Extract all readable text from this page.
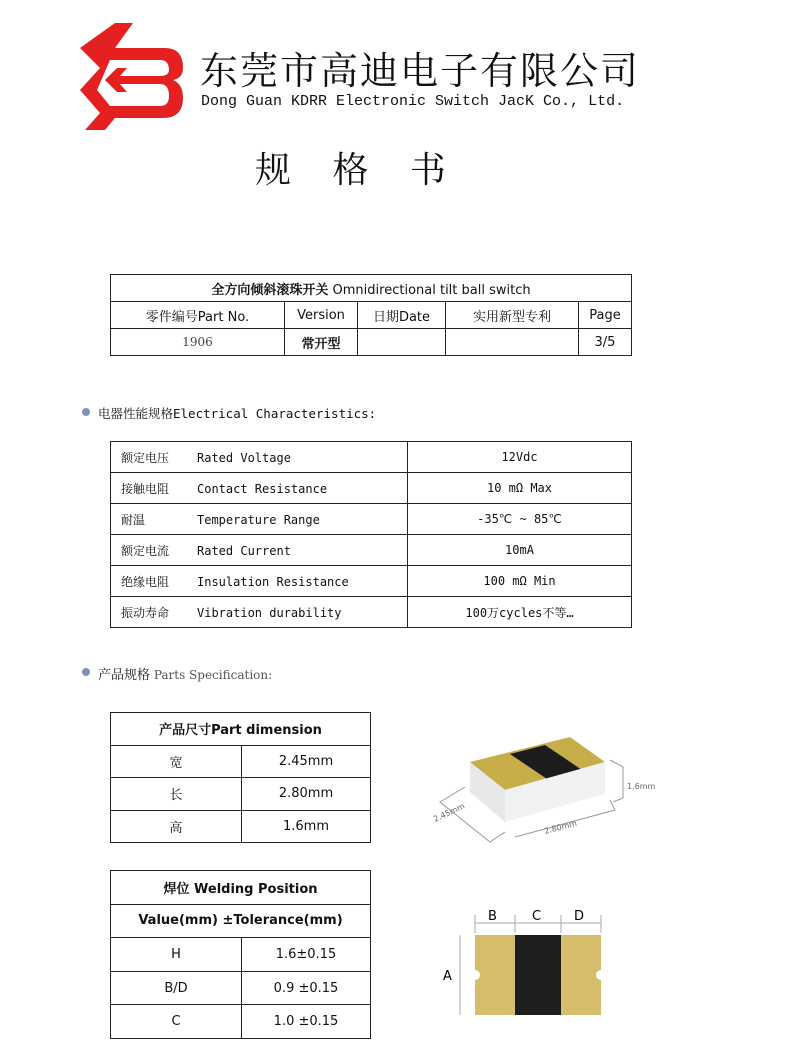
东莞市高迪电子有限公司
Dong Guan KDRR Electronic Switch JacK Co., Ltd.
规 格 书
全方向倾斜滚珠开关 Omnidirectional tilt ball switch				
零件编号Part No.	Version	日期Date	实用新型专利	Page
1906	常开型			3/5
电器性能规格Electrical Characteristics:
额定电压 Rated Voltage	12Vdc
接触电阻 Contact Resistance	10 mΩ Max
耐温 Temperature Range	-35℃ ~ 85℃
额定电流 Rated Current	10mA
绝缘电阻 Insulation Resistance	100 mΩ Min
振动寿命 Vibration durability	100万cycles不等…
产品规格 Parts Specification:
产品尺寸Part dimension	
宽	2.45mm
长	2.80mm
高	1.6mm
焊位 Welding Position	
Value(mm) ±Tolerance(mm)	
H	1.6±0.15
B/D	0.9 ±0.15
C	1.0 ±0.15
2.45mm
2.80mm
1.6mm
B	C	D
A
